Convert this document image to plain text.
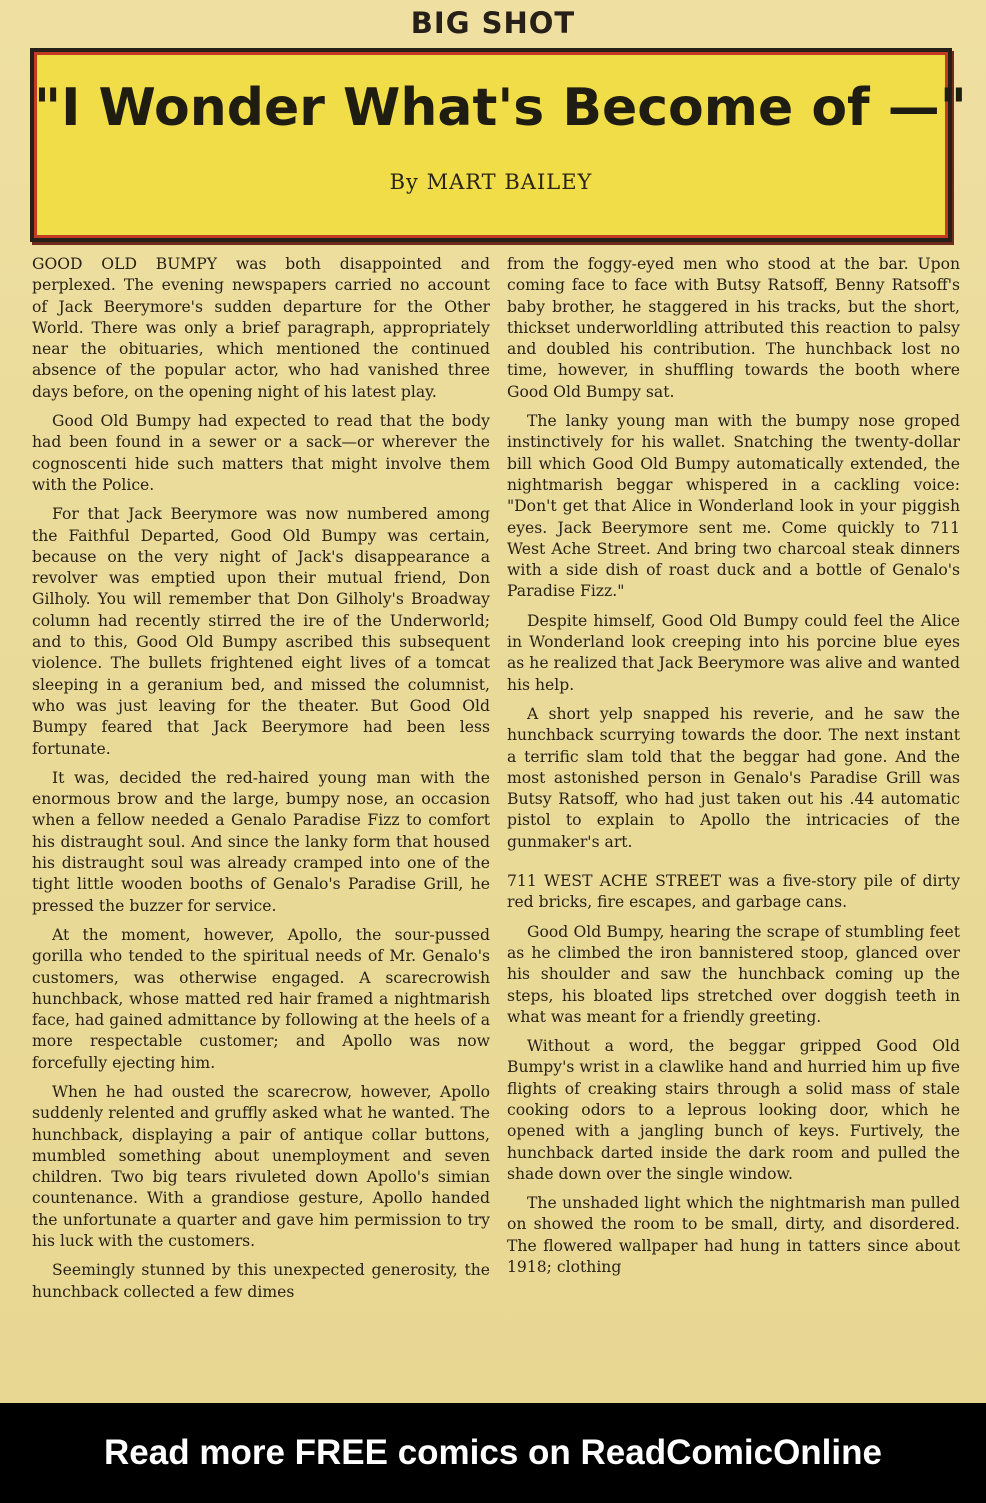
BIG SHOT
"I Wonder What's Become of —"
By MART BAILEY

GOOD OLD BUMPY was both disappointed and perplexed. The evening newspapers carried no account of Jack Beerymore's sudden departure for the Other World. There was only a brief paragraph, appropriately near the obituaries, which mentioned the continued absence of the popular actor, who had vanished three days before, on the opening night of his latest play.

Good Old Bumpy had expected to read that the body had been found in a sewer or a sack—or wherever the cognoscenti hide such matters that might involve them with the Police.

For that Jack Beerymore was now numbered among the Faithful Departed, Good Old Bumpy was certain, because on the very night of Jack's disappearance a revolver was emptied upon their mutual friend, Don Gilholy. You will remember that Don Gilholy's Broadway column had recently stirred the ire of the Underworld; and to this, Good Old Bumpy ascribed this subsequent violence. The bullets frightened eight lives of a tomcat sleeping in a geranium bed, and missed the columnist, who was just leaving for the theater. But Good Old Bumpy feared that Jack Beerymore had been less fortunate.

It was, decided the red-haired young man with the enormous brow and the large, bumpy nose, an occasion when a fellow needed a Genalo Paradise Fizz to comfort his distraught soul. And since the lanky form that housed his distraught soul was already cramped into one of the tight little wooden booths of Genalo's Paradise Grill, he pressed the buzzer for service.

At the moment, however, Apollo, the sour-pussed gorilla who tended to the spiritual needs of Mr. Genalo's customers, was otherwise engaged. A scarecrowish hunchback, whose matted red hair framed a nightmarish face, had gained admittance by following at the heels of a more respectable customer; and Apollo was now forcefully ejecting him.

When he had ousted the scarecrow, however, Apollo suddenly relented and gruffly asked what he wanted. The hunchback, displaying a pair of antique collar buttons, mumbled something about unemployment and seven children. Two big tears rivuleted down Apollo's simian countenance. With a grandiose gesture, Apollo handed the unfortunate a quarter and gave him permission to try his luck with the customers.

Seemingly stunned by this unexpected generosity, the hunchback collected a few dimes

from the foggy-eyed men who stood at the bar. Upon coming face to face with Butsy Ratsoff, Benny Ratsoff's baby brother, he staggered in his tracks, but the short, thickset underworldling attributed this reaction to palsy and doubled his contribution. The hunchback lost no time, however, in shuffling towards the booth where Good Old Bumpy sat.

The lanky young man with the bumpy nose groped instinctively for his wallet. Snatching the twenty-dollar bill which Good Old Bumpy automatically extended, the nightmarish beggar whispered in a cackling voice: "Don't get that Alice in Wonderland look in your piggish eyes. Jack Beerymore sent me. Come quickly to 711 West Ache Street. And bring two charcoal steak dinners with a side dish of roast duck and a bottle of Genalo's Paradise Fizz."

Despite himself, Good Old Bumpy could feel the Alice in Wonderland look creeping into his porcine blue eyes as he realized that Jack Beerymore was alive and wanted his help.

A short yelp snapped his reverie, and he saw the hunchback scurrying towards the door. The next instant a terrific slam told that the beggar had gone. And the most astonished person in Genalo's Paradise Grill was Butsy Ratsoff, who had just taken out his .44 automatic pistol to explain to Apollo the intricacies of the gunmaker's art.

711 WEST ACHE STREET was a five-story pile of dirty red bricks, fire escapes, and garbage cans.

Good Old Bumpy, hearing the scrape of stumbling feet as he climbed the iron bannistered stoop, glanced over his shoulder and saw the hunchback coming up the steps, his bloated lips stretched over doggish teeth in what was meant for a friendly greeting.

Without a word, the beggar gripped Good Old Bumpy's wrist in a clawlike hand and hurried him up five flights of creaking stairs through a solid mass of stale cooking odors to a leprous looking door, which he opened with a jangling bunch of keys. Furtively, the hunchback darted inside the dark room and pulled the shade down over the single window.

The unshaded light which the nightmarish man pulled on showed the room to be small, dirty, and disordered. The flowered wallpaper had hung in tatters since about 1918; clothing

Read more FREE comics on ReadComicOnline
